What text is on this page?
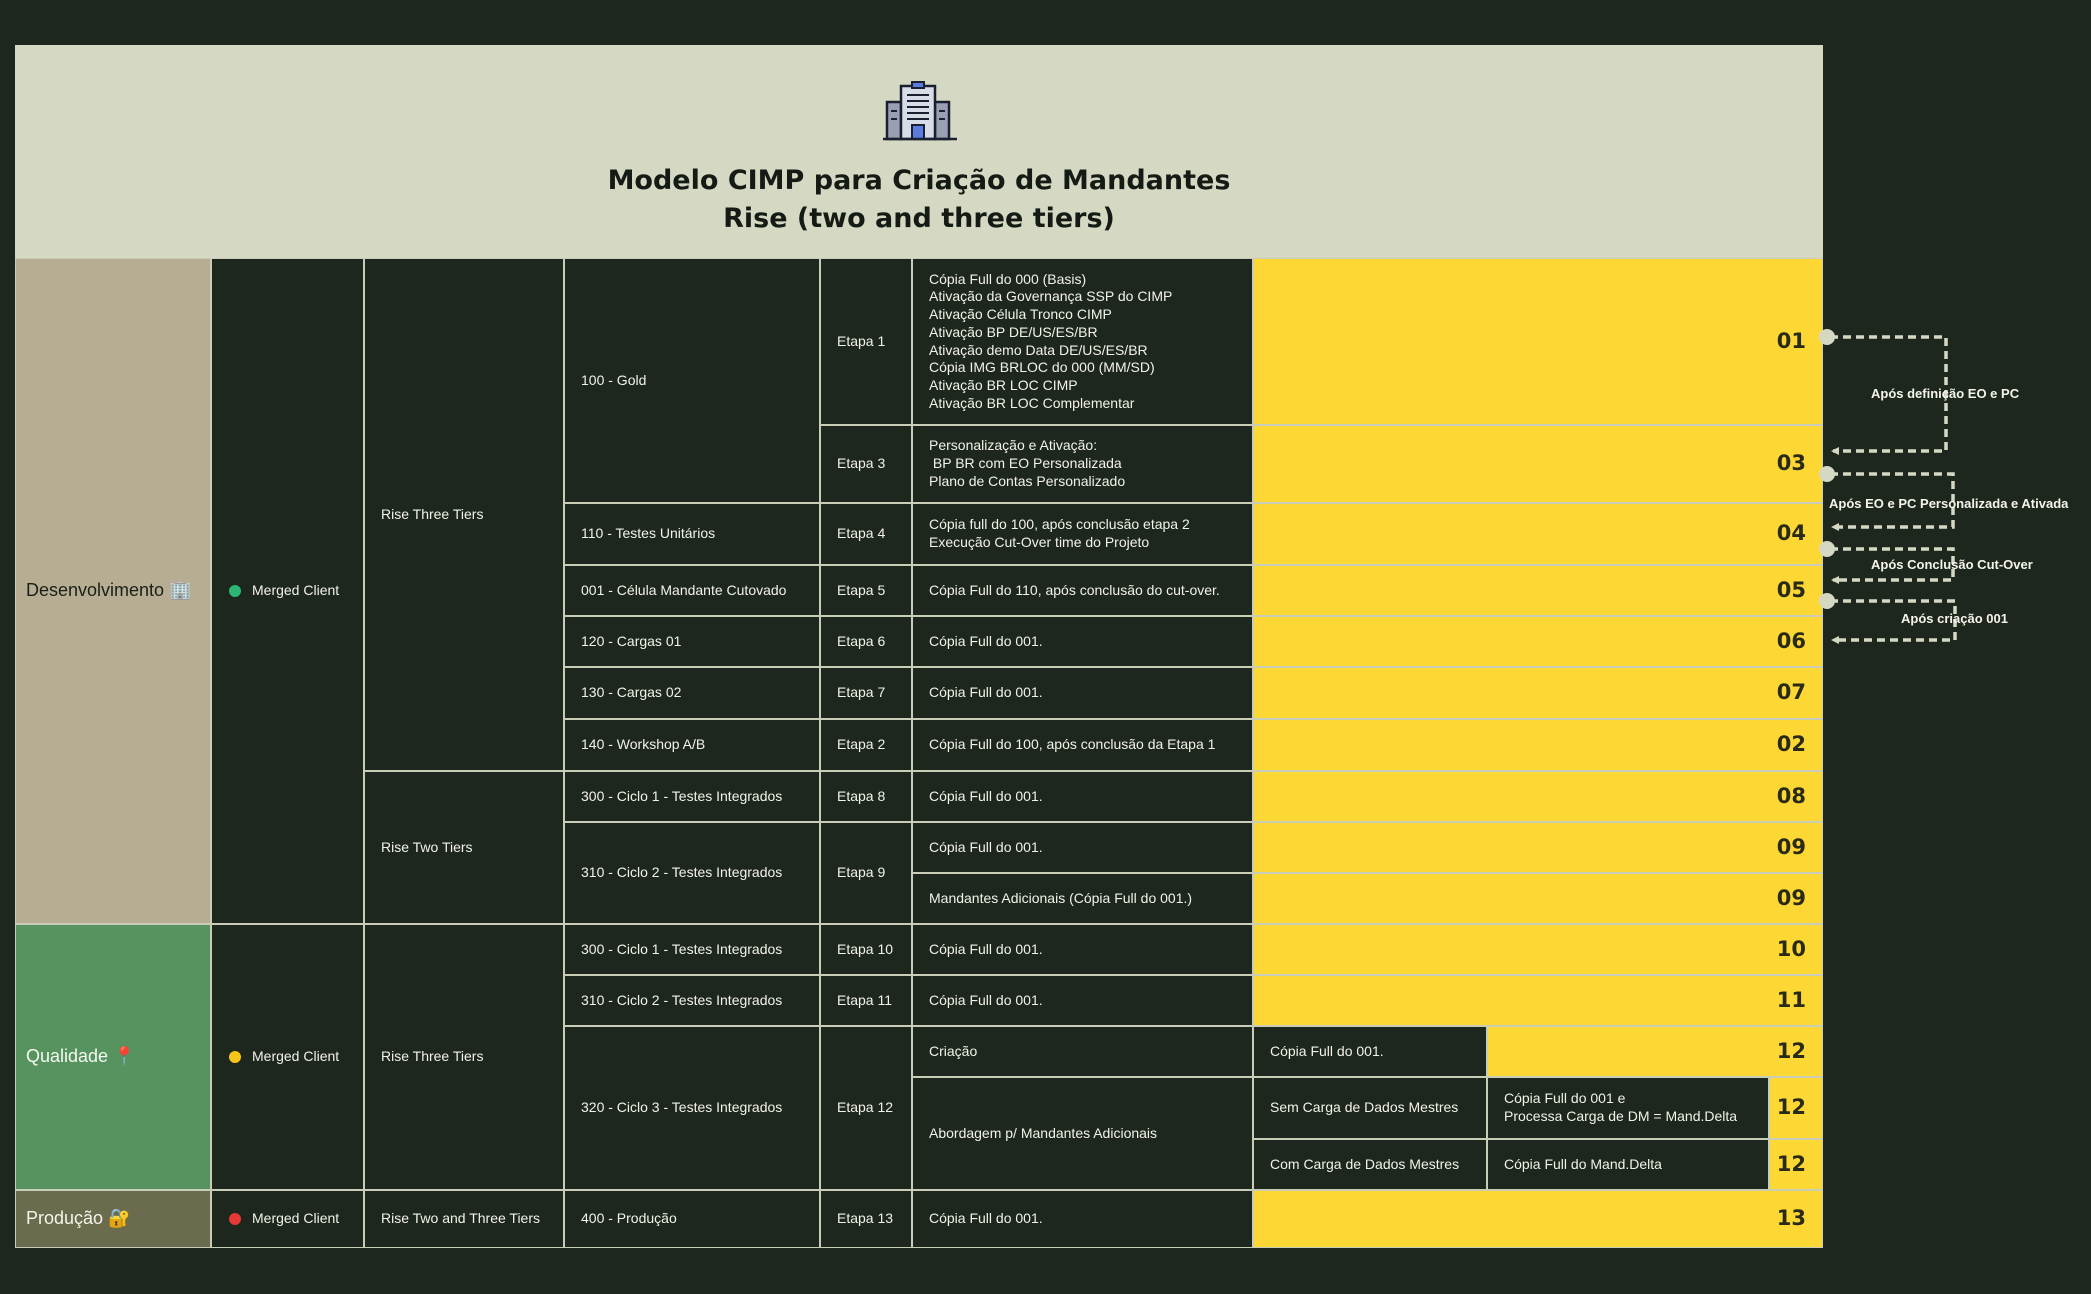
Modelo CIMP para Criação de Mandantes
Rise (two and three tiers)
Desenvolvimento 🏢
Qualidade 📍
Produção 🔐
Merged Client
Merged Client
Merged Client
Rise Three Tiers
Rise Two Tiers
Rise Three Tiers
Rise Two and Three Tiers
100 - Gold
110 - Testes Unitários
001 - Célula Mandante Cutovado
120 - Cargas 01
130 - Cargas 02
140 - Workshop A/B
300 - Ciclo 1 - Testes Integrados
310 - Ciclo 2 - Testes Integrados
300 - Ciclo 1 - Testes Integrados
310 - Ciclo 2 - Testes Integrados
320 - Ciclo 3 - Testes Integrados
400 - Produção
Etapa 1
Etapa 3
Etapa 4
Etapa 5
Etapa 6
Etapa 7
Etapa 2
Etapa 8
Etapa 9
Etapa 10
Etapa 11
Etapa 12
Etapa 13
Cópia Full do 000 (Basis)
Ativação da Governança SSP do CIMP
Ativação Célula Tronco CIMP
Ativação BP DE/US/ES/BR
Ativação demo Data DE/US/ES/BR
Cópia IMG BRLOC do 000 (MM/SD)
Ativação BR LOC CIMP
Ativação BR LOC Complementar
Personalização e Ativação:
BP BR com EO Personalizada
Plano de Contas Personalizado
Cópia full do 100, após conclusão etapa 2
Execução Cut-Over time do Projeto
Cópia Full do 110, após conclusão do cut-over.
Cópia Full do 001.
Cópia Full do 001.
Cópia Full do 100, após conclusão da Etapa 1
Cópia Full do 001.
Cópia Full do 001.
Mandantes Adicionais (Cópia Full do 001.)
Cópia Full do 001.
Cópia Full do 001.
Criação
Abordagem p/ Mandantes Adicionais
Cópia Full do 001.
Cópia Full do 001.
Sem Carga de Dados Mestres
Com Carga de Dados Mestres
Cópia Full do 001 e
Processa Carga de DM = Mand.Delta
Cópia Full do Mand.Delta
01
03
04
05
06
07
02
08
09
09
10
11
12
12
12
13
Após definição EO e PC
Após EO e PC Personalizada e Ativada
Após Conclusão Cut-Over
Após criação 001
